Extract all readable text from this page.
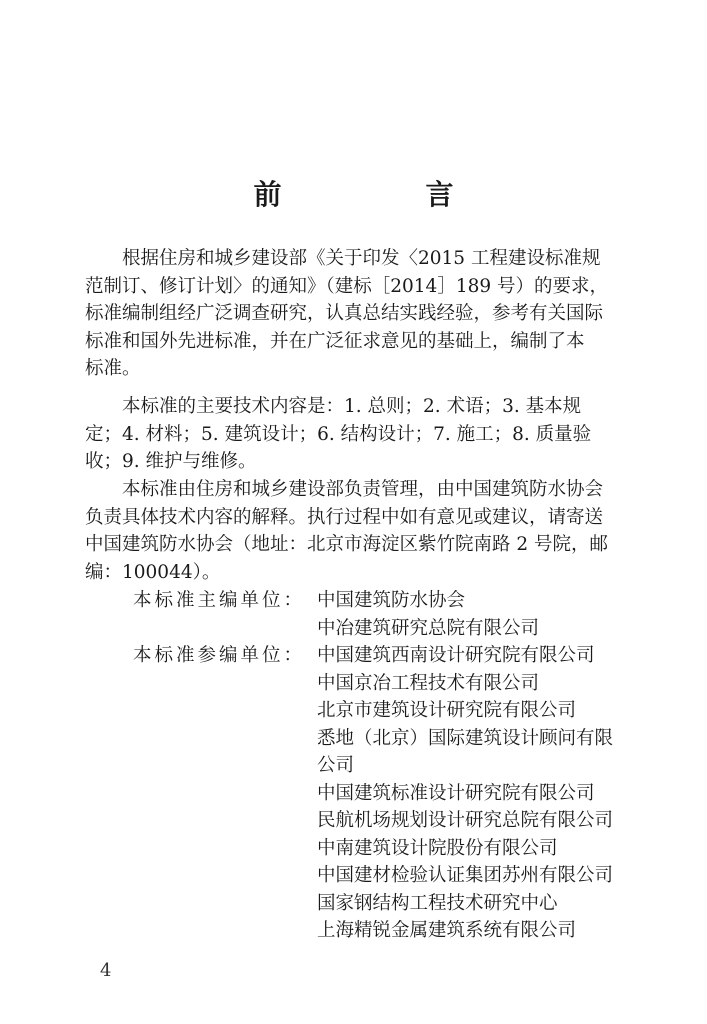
前　言
　　根据住房和城乡建设部《关于印发〈2015 工程建设标准规
范制订、修订计划〉的通知》（建标［2014］189 号）的要求，
标准编制组经广泛调查研究，认真总结实践经验，参考有关国际
标准和国外先进标准，并在广泛征求意见的基础上，编制了本
标准。
　　本标准的主要技术内容是：1. 总则；2. 术语；3. 基本规
定；4. 材料；5. 建筑设计；6. 结构设计；7. 施工；8. 质量验
收；9. 维护与维修。
　　本标准由住房和城乡建设部负责管理，由中国建筑防水协会
负责具体技术内容的解释。执行过程中如有意见或建议，请寄送
中国建筑防水协会（地址：北京市海淀区紫竹院南路 2 号院，邮
编：100044）。
本标准主编单位： 中国建筑防水协会
中冶建筑研究总院有限公司
本标准参编单位： 中国建筑西南设计研究院有限公司
中国京冶工程技术有限公司
北京市建筑设计研究院有限公司
悉地（北京）国际建筑设计顾问有限
公司
中国建筑标准设计研究院有限公司
民航机场规划设计研究总院有限公司
中南建筑设计院股份有限公司
中国建材检验认证集团苏州有限公司
国家钢结构工程技术研究中心
上海精锐金属建筑系统有限公司
4
